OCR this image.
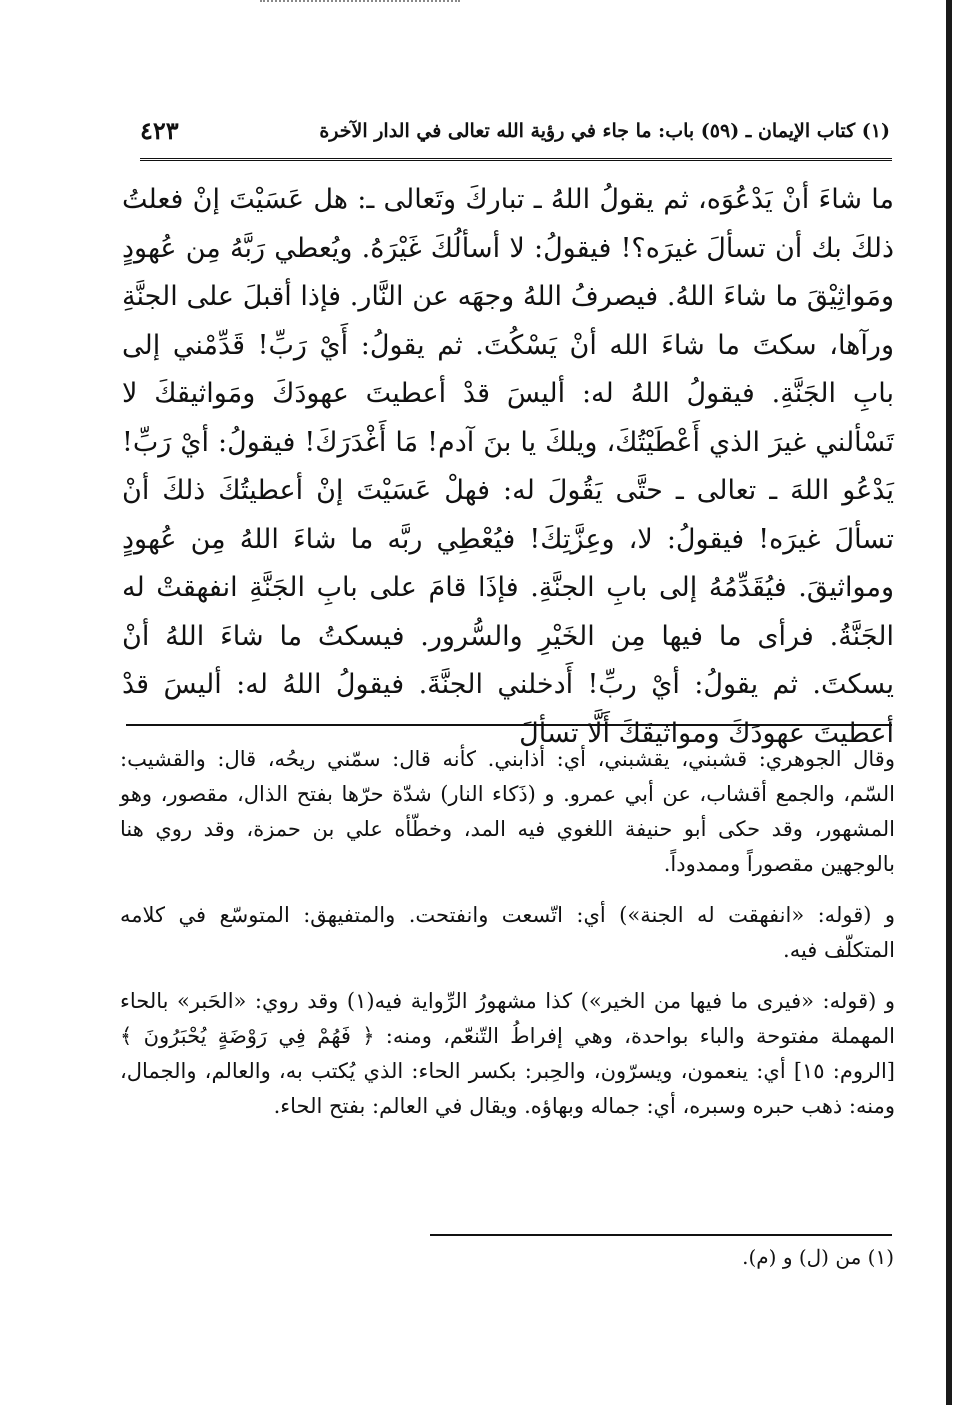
(١) كتاب الإيمان ـ (٥٩) باب: ما جاء في رؤية الله تعالى في الدار الآخرة
٤٢٣

ما شاءَ أنْ يَدْعُوَه، ثم يقولُ اللهُ ـ تباركَ وتَعالى ـ: هل عَسَيْتَ إنْ فعلتُ ذلكَ بك أن تسألَ غيرَه؟! فيقولُ: لا أسألُكَ غَيْرَهُ. ويُعطي رَبَّهُ مِن عُهودٍ ومَواثِيْقَ ما شاءَ اللهُ. فيصرفُ اللهُ وجهَه عن النَّار. فإذا أقبلَ على الجنَّةِ ورآها، سكتَ ما شاءَ الله أنْ يَسْكُتَ. ثم يقولُ: أَيْ رَبِّ! قَدِّمْني إلى بابِ الجَنَّةِ. فيقولُ اللهُ له: أليسَ قدْ أعطيتَ عهودَكَ ومَواثيقكَ لا تَسْألني غيرَ الذي أَعْطَيْتُكَ، ويلكَ يا بنَ آدم! مَا أَغْدَرَكَ! فيقولُ: أيْ رَبِّ! يَدْعُو اللهَ ـ تعالى ـ حتَّى يَقُولَ له: فهلْ عَسَيْتَ إنْ أعطيتُكَ ذلكَ أنْ تسألَ غيرَه! فيقولُ: لا، وعِزَّتِكَ! فيُعْطِي ربَّه ما شاءَ اللهُ مِن عُهودٍ ومواثيقَ. فيُقَدِّمُهُ إلى بابِ الجنَّةِ. فإذَا قامَ على بابِ الجَنَّةِ انفهقتْ له الجَنَّةُ. فرأى ما فيها مِن الخَيْرِ والسُّرور. فيسكتُ ما شاءَ اللهُ أنْ يسكتَ. ثم يقولُ: أيْ ربِّ! أَدخلني الجنَّةَ. فيقولُ اللهُ له: أليسَ قدْ أعطيتَ عهودَكَ ومواثيقَكَ أَلَّا تسألَ

وقال الجوهري: قشبني، يقشبني، أي: أذابني. كأنه قال: سمّني ريحُه، قال: والقشيب: السّم، والجمع أقشاب، عن أبي عمرو. و (ذَكاء النار) شدّة حرّها بفتح الذال، مقصور، وهو المشهور، وقد حكى أبو حنيفة اللغوي فيه المد، وخطّأه علي بن حمزة، وقد روي هنا بالوجهين مقصوراً وممدوداً.

و (قوله: «انفهقت له الجنة») أي: اتّسعت وانفتحت. والمتفيهق: المتوسّع في كلامه المتكلّف فيه.

و (قوله: «فيرى ما فيها من الخير») كذا مشهورُ الرِّواية فيه(١) وقد روي: «الحَبر» بالحاء المهملة مفتوحة والباء بواحدة، وهي إفراطُ التّنعّم، ومنه: ﴿ فَهُمْ فِي رَوْضَةٍ يُحْبَرُونَ ﴾ [الروم: ١٥] أي: ينعمون، ويسرّون، والحِبر: بكسر الحاء: الذي يُكتب به، والعالم، والجمال، ومنه: ذهب حبره وسبره، أي: جماله وبهاؤه. ويقال في العالم: بفتح الحاء.

(١) من (ل) و (م).
